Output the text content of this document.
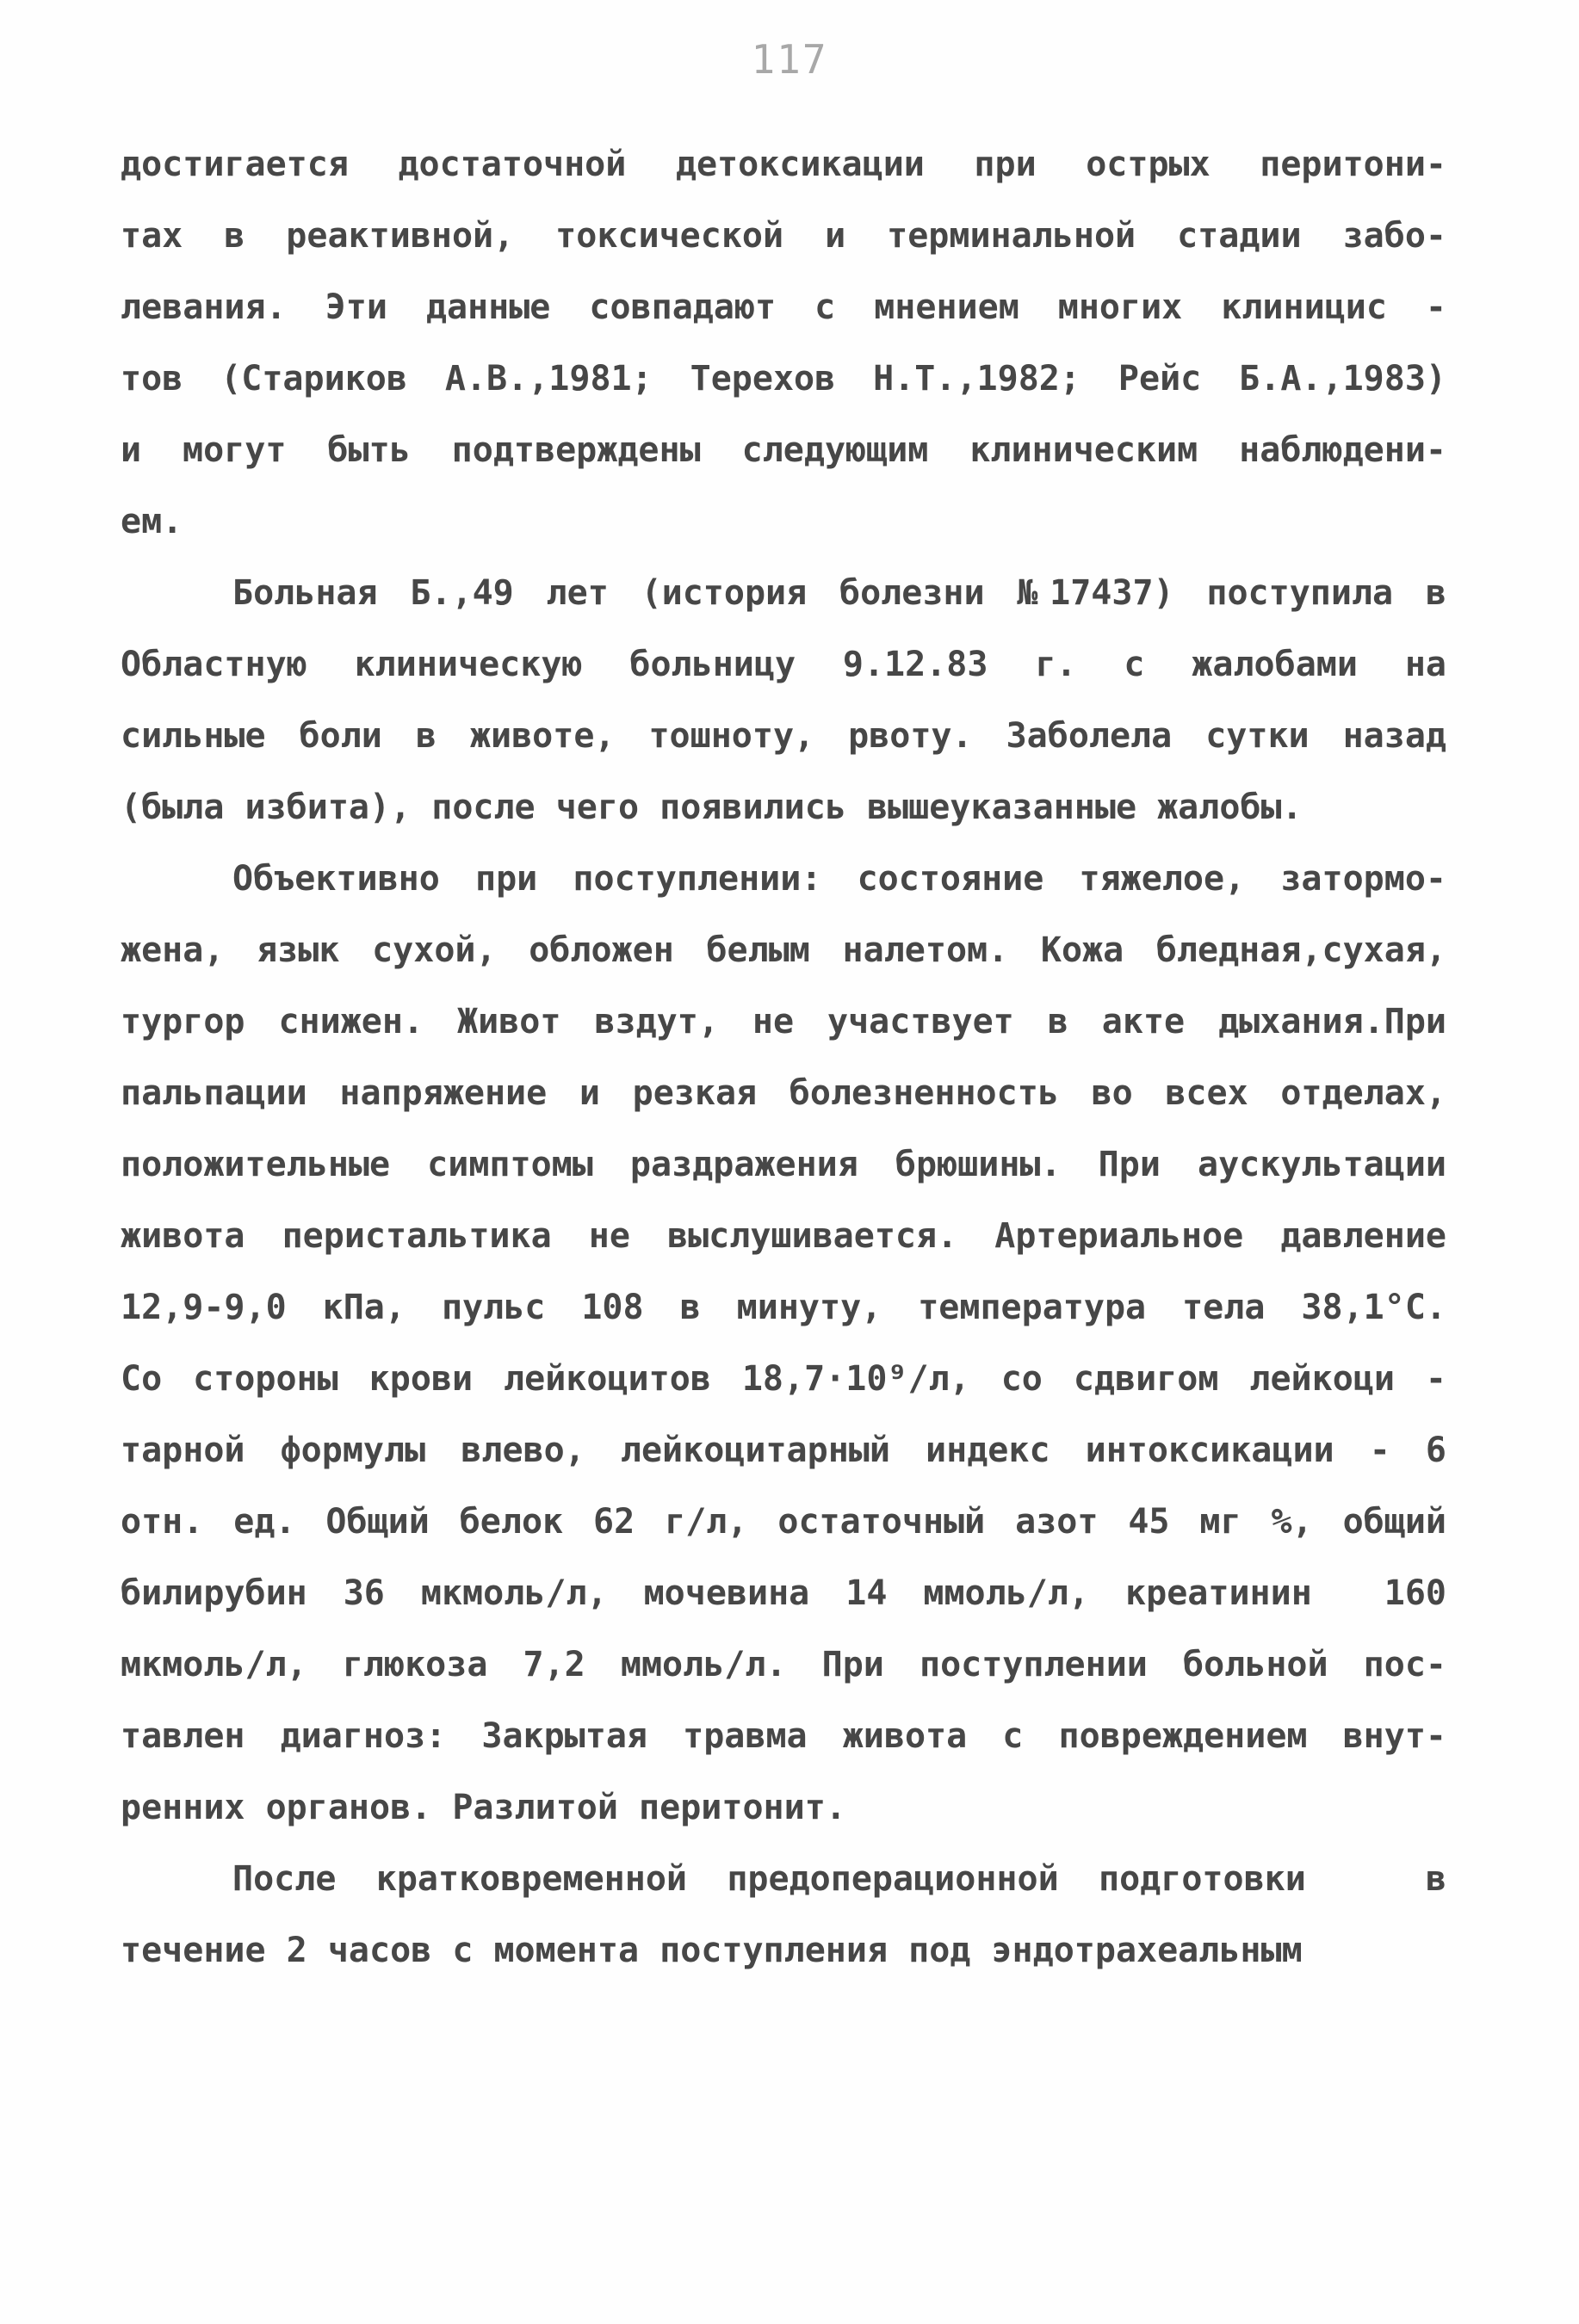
117
достигается достаточной детоксикации при острых перитони-
тах в реактивной, токсической и терминальной стадии забо-
левания. Эти данные совпадают с мнением многих клиницис -
тов (Стариков А.В.,1981; Терехов Н.Т.,1982; Рейс Б.А.,1983)
и могут быть подтверждены следующим клиническим наблюдени-
ем.
Больная Б.,49 лет (история болезни №17437) поступила в
Областную клиническую больницу 9.12.83 г. с жалобами на
сильные боли в животе, тошноту, рвоту. Заболела сутки назад
(была избита), после чего появились вышеуказанные жалобы.
Объективно при поступлении: состояние тяжелое, затормо-
жена, язык сухой, обложен белым налетом. Кожа бледная,сухая,
тургор снижен. Живот вздут, не участвует в акте дыхания.При
пальпации напряжение и резкая болезненность во всех отделах,
положительные симптомы раздражения брюшины. При аускультации
живота перистальтика не выслушивается. Артериальное давление
12,9-9,0 кПа, пульс 108 в минуту, температура тела 38,1°С.
Со стороны крови лейкоцитов 18,7·10⁹/л, со сдвигом лейкоци -
тарной формулы влево, лейкоцитарный индекс интоксикации - 6
отн. ед. Общий белок 62 г/л, остаточный азот 45 мг %, общий
билирубин 36 мкмоль/л, мочевина 14 ммоль/л, креатинин  160
мкмоль/л, глюкоза 7,2 ммоль/л. При поступлении больной пос-
тавлен диагноз: Закрытая травма живота с повреждением внут-
ренних органов. Разлитой перитонит.
После кратковременной предоперационной подготовки   в
течение 2 часов с момента поступления под эндотрахеальным
